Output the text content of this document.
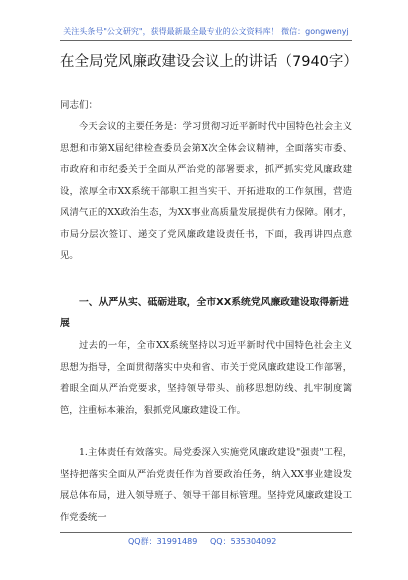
关注头条号"公文研究"，获得最新最全最专业的公文资料库！ 微信：gongwenyj
在全局党风廉政建设会议上的讲话（7940字）
同志们：
今天会议的主要任务是：学习贯彻习近平新时代中国特色社会主义思想和市第X届纪律检查委员会第X次全体会议精神，全面落实市委、市政府和市纪委关于全面从严治党的部署要求，抓严抓实党风廉政建设，浓厚全市XX系统干部职工担当实干、开拓进取的工作氛围，营造风清气正的XX政治生态，为XX事业高质量发展提供有力保障。刚才，市局分层次签订、递交了党风廉政建设责任书，下面，我再讲四点意见。
一、从严从实、砥砺进取，全市XX系统党风廉政建设取得新进展
过去的一年，全市XX系统坚持以习近平新时代中国特色社会主义思想为指导，全面贯彻落实中央和省、市关于党风廉政建设工作部署，着眼全面从严治党要求，坚持领导带头、前移思想防线、扎牢制度篱笆，注重标本兼治，狠抓党风廉政建设工作。
1.主体责任有效落实。局党委深入实施党风廉政建设"强责"工程，坚持把落实全面从严治党责任作为首要政治任务，纳入XX事业建设发展总体布局，进入领导班子、领导干部目标管理。坚持党风廉政建设工作党委统一
QQ群：31991489 QQ：535304092
